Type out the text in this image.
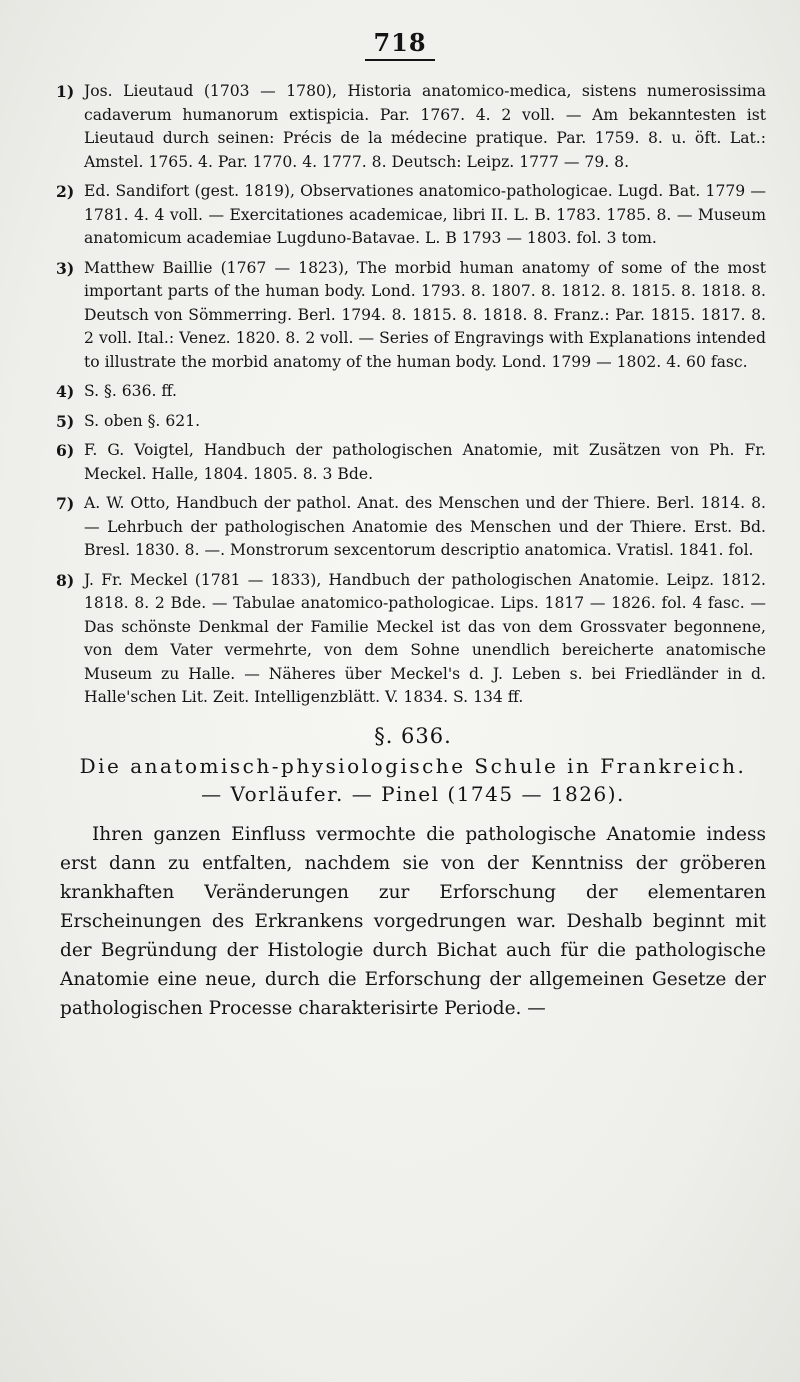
718
1) Jos. Lieutaud (1703 — 1780), Historia anatomico-medica, sistens numerosissima cadaverum humanorum extispicia. Par. 1767. 4. 2 voll. — Am bekanntesten ist Lieutaud durch seinen: Précis de la médecine pratique. Par. 1759. 8. u. öft. Lat.: Amstel. 1765. 4. Par. 1770. 4. 1777. 8. Deutsch: Leipz. 1777 — 79. 8.
2) Ed. Sandifort (gest. 1819), Observationes anatomico-pathologicae. Lugd. Bat. 1779 — 1781. 4. 4 voll. — Exercitationes academicae, libri II. L. B. 1783. 1785. 8. — Museum anatomicum academiae Lugduno-Batavae. L. B 1793 — 1803. fol. 3 tom.
3) Matthew Baillie (1767 — 1823), The morbid human anatomy of some of the most important parts of the human body. Lond. 1793. 8. 1807. 8. 1812. 8. 1815. 8. 1818. 8. Deutsch von Sömmerring. Berl. 1794. 8. 1815. 8. 1818. 8. Franz.: Par. 1815. 1817. 8. 2 voll. Ital.: Venez. 1820. 8. 2 voll. — Series of Engravings with Explanations intended to illustrate the morbid anatomy of the human body. Lond. 1799 — 1802. 4. 60 fasc.
4) S. §. 636. ff.
5) S. oben §. 621.
6) F. G. Voigtel, Handbuch der pathologischen Anatomie, mit Zusätzen von Ph. Fr. Meckel. Halle, 1804. 1805. 8. 3 Bde.
7) A. W. Otto, Handbuch der pathol. Anat. des Menschen und der Thiere. Berl. 1814. 8. — Lehrbuch der pathologischen Anatomie des Menschen und der Thiere. Erst. Bd. Bresl. 1830. 8. —. Monstrorum sexcentorum descriptio anatomica. Vratisl. 1841. fol.
8) J. Fr. Meckel (1781 — 1833), Handbuch der pathologischen Anatomie. Leipz. 1812. 1818. 8. 2 Bde. — Tabulae anatomico-pathologicae. Lips. 1817 — 1826. fol. 4 fasc. — Das schönste Denkmal der Familie Meckel ist das von dem Grossvater begonnene, von dem Vater vermehrte, von dem Sohne unendlich bereicherte anatomische Museum zu Halle. — Näheres über Meckel's d. J. Leben s. bei Friedländer in d. Halle'schen Lit. Zeit. Intelligenzblätt. V. 1834. S. 134 ff.
§. 636.
Die anatomisch-physiologische Schule in Frankreich.
— Vorläufer. — Pinel (1745 — 1826).

Ihren ganzen Einfluss vermochte die pathologische Anatomie indess erst dann zu entfalten, nachdem sie von der Kenntniss der gröberen krankhaften Veränderungen zur Erforschung der elementaren Erscheinungen des Erkrankens vorgedrungen war. Deshalb beginnt mit der Begründung der Histologie durch Bichat auch für die pathologische Anatomie eine neue, durch die Erforschung der allgemeinen Gesetze der pathologischen Processe charakterisirte Periode. —
